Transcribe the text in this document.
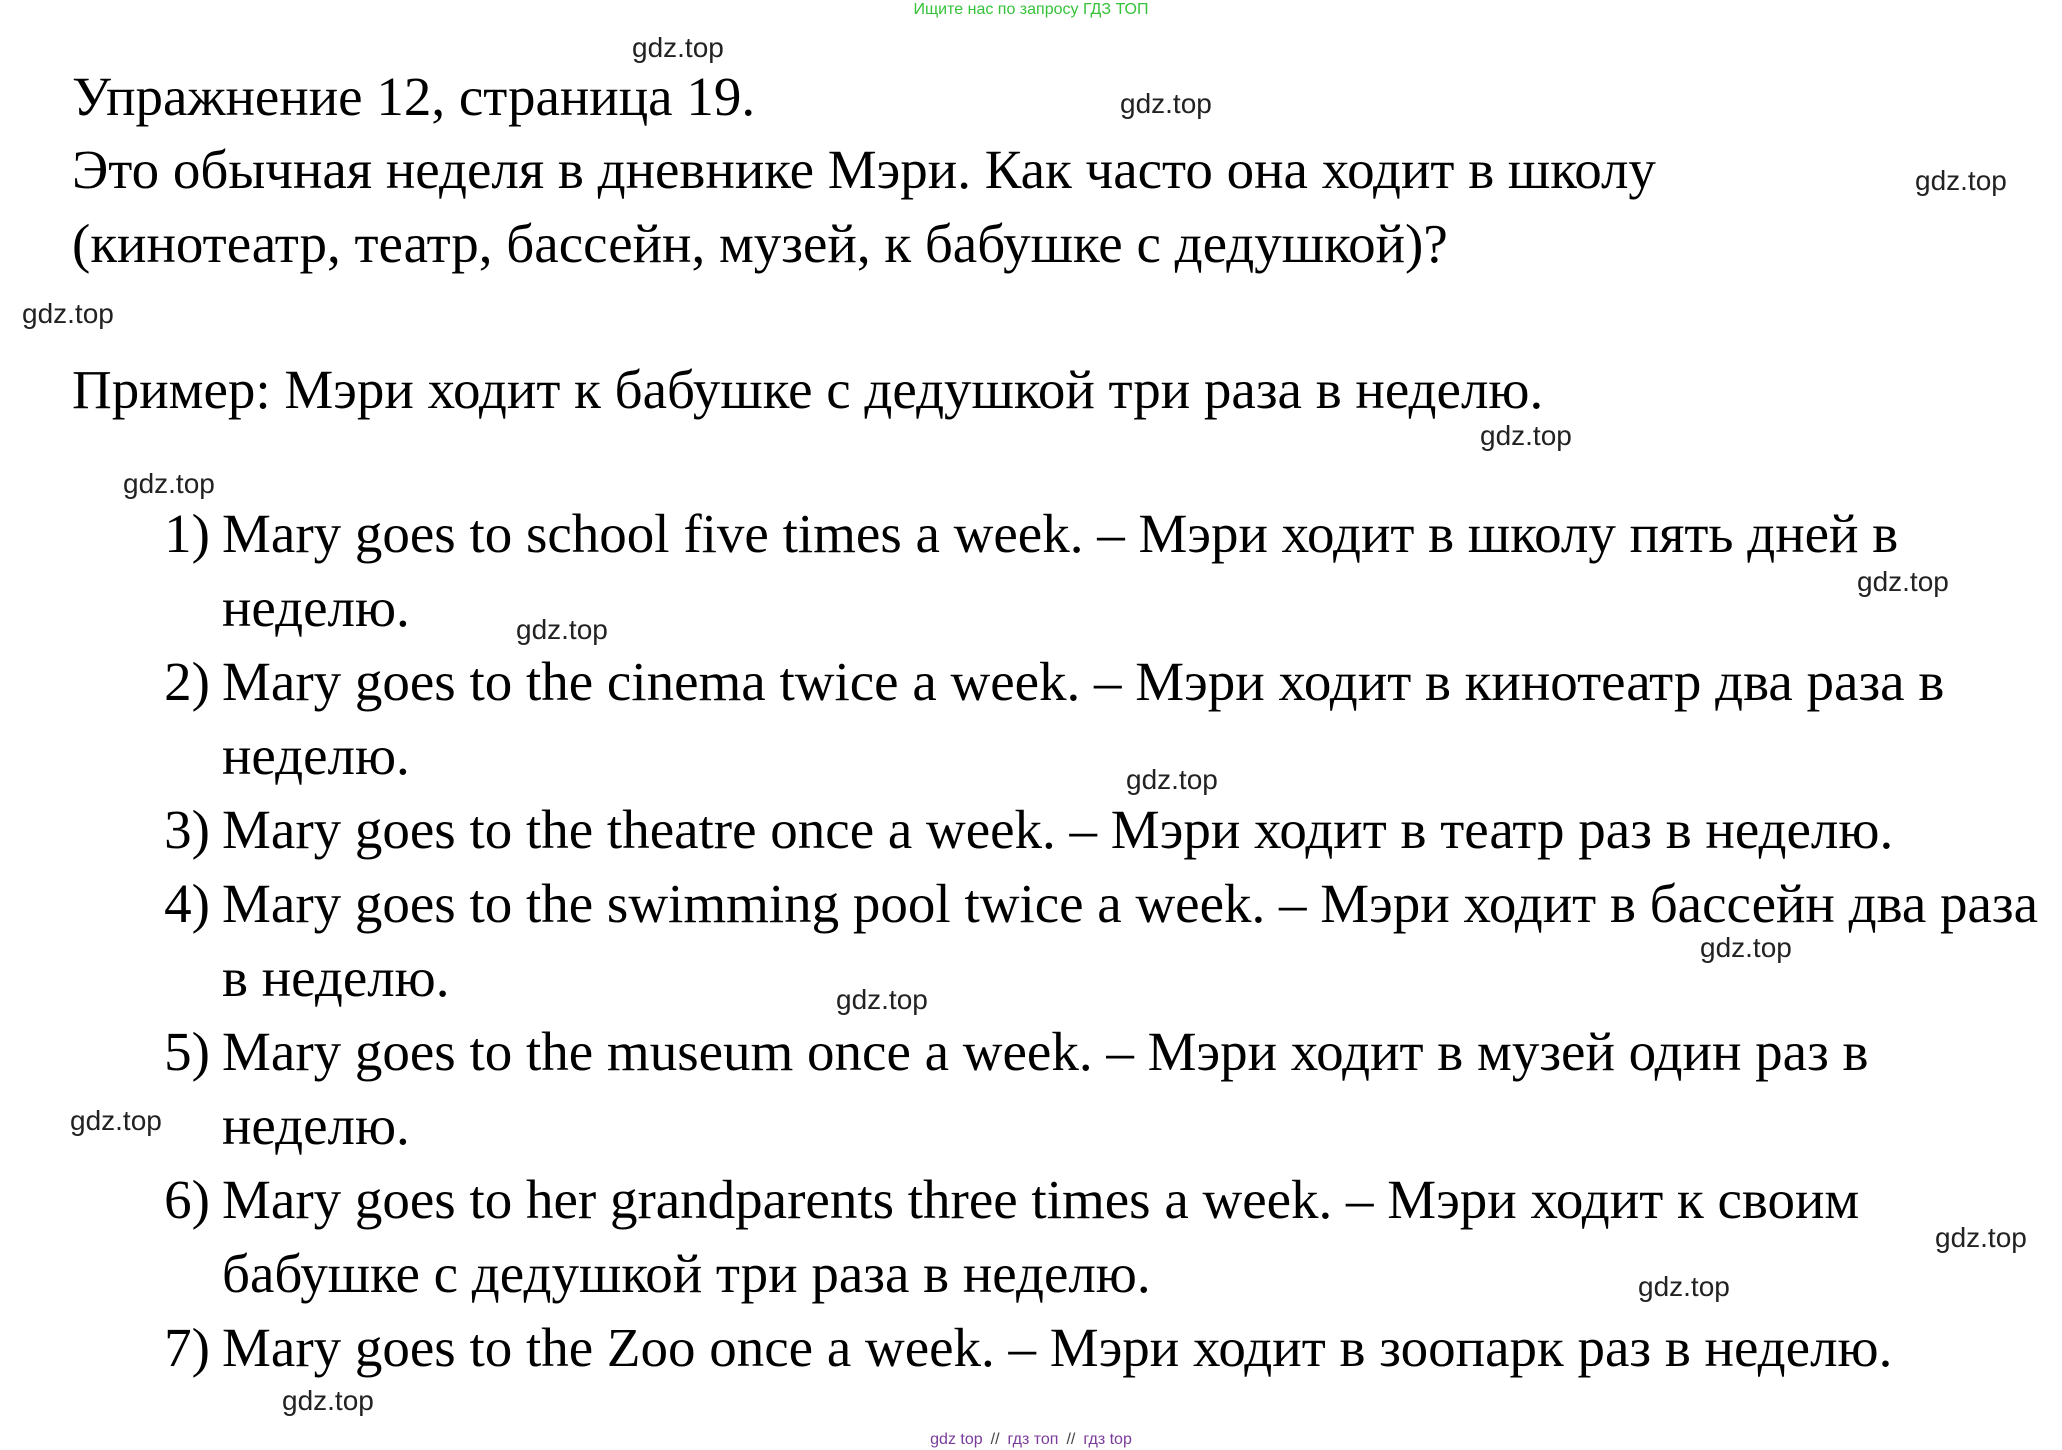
Ищите нас по запросу ГДЗ ТОП
Упражнение 12, страница 19.
Это обычная неделя в дневнике Мэри. Как часто она ходит в школу (кинотеатр, театр, бассейн, музей, к бабушке с дедушкой)?
Пример: Мэри ходит к бабушке с дедушкой три раза в неделю.
1) Mary goes to school five times a week. – Мэри ходит в школу пять дней в неделю.
2) Mary goes to the cinema twice a week. – Мэри ходит в кинотеатр два раза в неделю.
3) Mary goes to the theatre once a week. – Мэри ходит в театр раз в неделю.
4) Mary goes to the swimming pool twice a week. – Мэри ходит в бассейн два раза в неделю.
5) Mary goes to the museum once a week. – Мэри ходит в музей один раз в неделю.
6) Mary goes to her grandparents three times a week. – Мэри ходит к своим бабушке с дедушкой три раза в неделю.
7) Mary goes to the Zoo once a week. – Мэри ходит в зоопарк раз в неделю.
gdz.top
gdz.top
gdz.top
gdz.top
gdz.top
gdz.top
gdz.top
gdz.top
gdz.top
gdz.top
gdz.top
gdz.top
gdz.top
gdz.top
gdz.top
gdz top // гдз топ // гдз top
